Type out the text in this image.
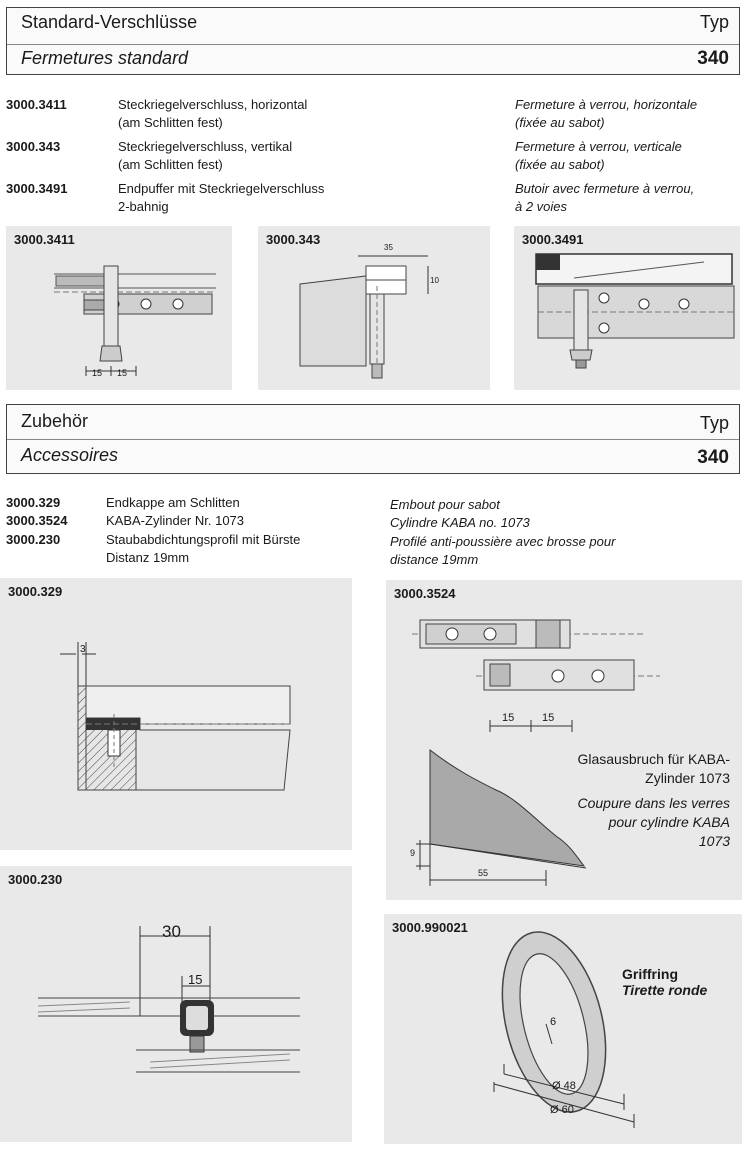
Standard-Verschlüsse
Fermetures standard
Typ
340
3000.3411	Steckriegelverschluss, horizontal
(am Schlitten fest)
Fermeture à verrou, horizontale
(fixée au sabot)
3000.343	Steckriegelverschluss, vertikal
(am Schlitten fest)
Fermeture à verrou, verticale
(fixée au sabot)
3000.3491	Endpuffer mit Steckriegelverschluss
2-bahnig
Butoir avec fermeture à verrou,
à 2 voies
3000.3411
15 15
3000.343
35
10
3000.3491
Zubehör
Accessoires
Typ
340
3000.329	Endkappe am Schlitten	Embout pour sabot
3000.3524	KABA-Zylinder Nr. 1073	Cylindre KABA no. 1073
3000.230	Staubabdichtungsprofil mit Bürste
Distanz 19mm
Profilé anti-poussière avec brosse pour
distance 19mm
3000.329
3
3000.3524
15	15
9
55
Glasausbruch für KABA-
Zylinder 1073
Coupure dans les verres
pour cylindre KABA
1073
3000.230
30
15
3000.990021
6
Ø 48
Ø 60
Griffring
Tirette ronde
